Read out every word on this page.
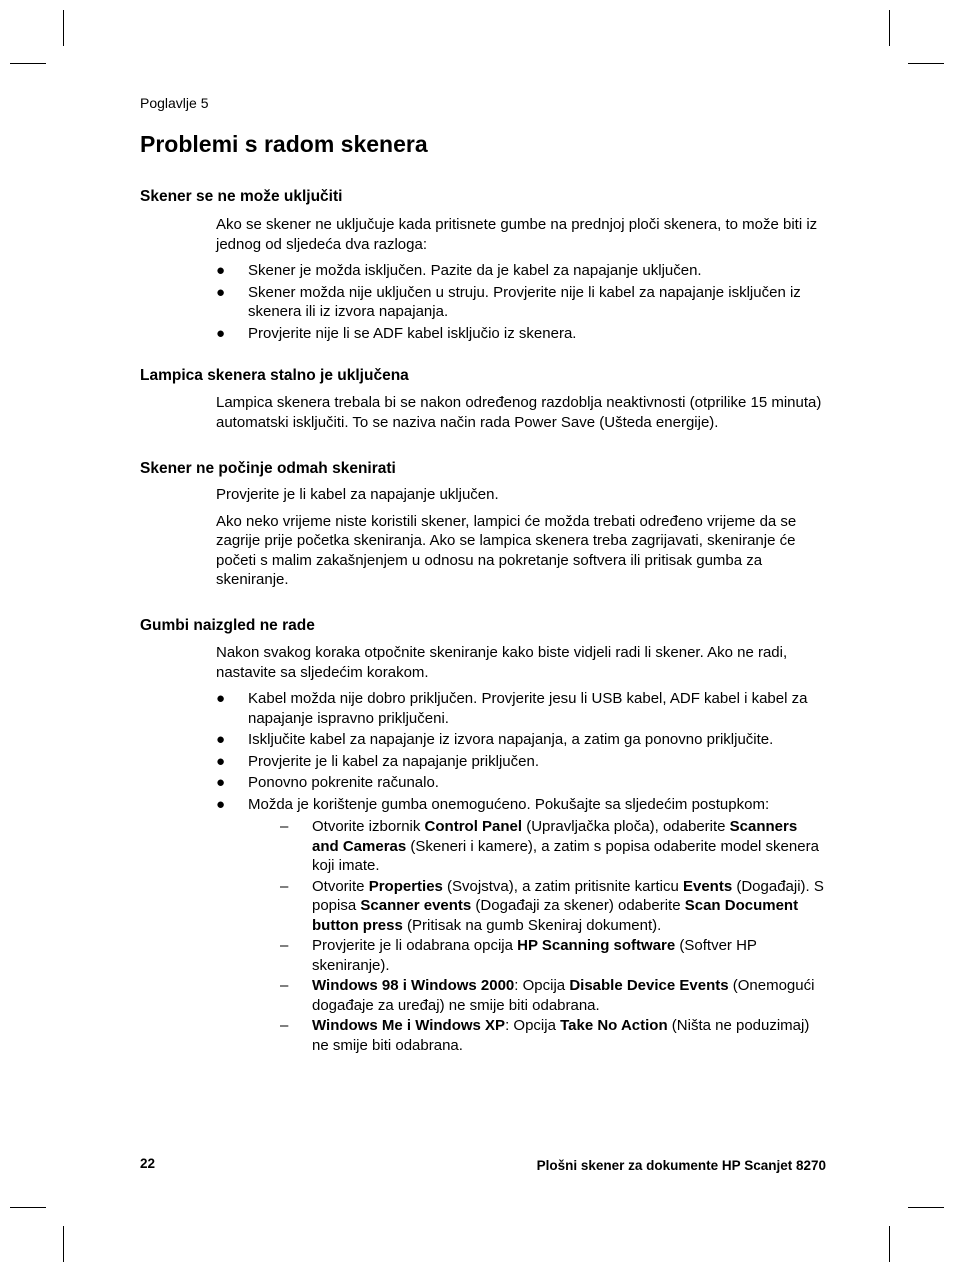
Poglavlje 5
Problemi s radom skenera
Skener se ne može uključiti

Ako se skener ne uključuje kada pritisnete gumbe na prednjoj ploči skenera, to može biti iz jednog od sljedeća dva razloga:

● Skener je možda isključen. Pazite da je kabel za napajanje uključen.
● Skener možda nije uključen u struju. Provjerite nije li kabel za napajanje isključen iz skenera ili iz izvora napajanja.
● Provjerite nije li se ADF kabel isključio iz skenera.
Lampica skenera stalno je uključena

Lampica skenera trebala bi se nakon određenog razdoblja neaktivnosti (otprilike 15 minuta) automatski isključiti. To se naziva način rada Power Save (Ušteda energije).

Skener ne počinje odmah skenirati

Provjerite je li kabel za napajanje uključen.

Ako neko vrijeme niste koristili skener, lampici će možda trebati određeno vrijeme da se zagrije prije početka skeniranja. Ako se lampica skenera treba zagrijavati, skeniranje će početi s malim zakašnjenjem u odnosu na pokretanje softvera ili pritisak gumba za skeniranje.

Gumbi naizgled ne rade

Nakon svakog koraka otpočnite skeniranje kako biste vidjeli radi li skener. Ako ne radi, nastavite sa sljedećim korakom.

● Kabel možda nije dobro priključen. Provjerite jesu li USB kabel, ADF kabel i kabel za napajanje ispravno priključeni.
● Isključite kabel za napajanje iz izvora napajanja, a zatim ga ponovno priključite.
● Provjerite je li kabel za napajanje priključen.
● Ponovno pokrenite računalo.
● Možda je korištenje gumba onemogućeno. Pokušajte sa sljedećim postupkom:
– Otvorite izbornik Control Panel (Upravljačka ploča), odaberite Scanners and Cameras (Skeneri i kamere), a zatim s popisa odaberite model skenera koji imate.
– Otvorite Properties (Svojstva), a zatim pritisnite karticu Events (Događaji). S popisa Scanner events (Događaji za skener) odaberite Scan Document button press (Pritisak na gumb Skeniraj dokument).
– Provjerite je li odabrana opcija HP Scanning software (Softver HP skeniranje).
– Windows 98 i Windows 2000: Opcija Disable Device Events (Onemogući događaje za uređaj) ne smije biti odabrana.
– Windows Me i Windows XP: Opcija Take No Action (Ništa ne poduzimaj) ne smije biti odabrana.
22	Plošni skener za dokumente HP Scanjet 8270
